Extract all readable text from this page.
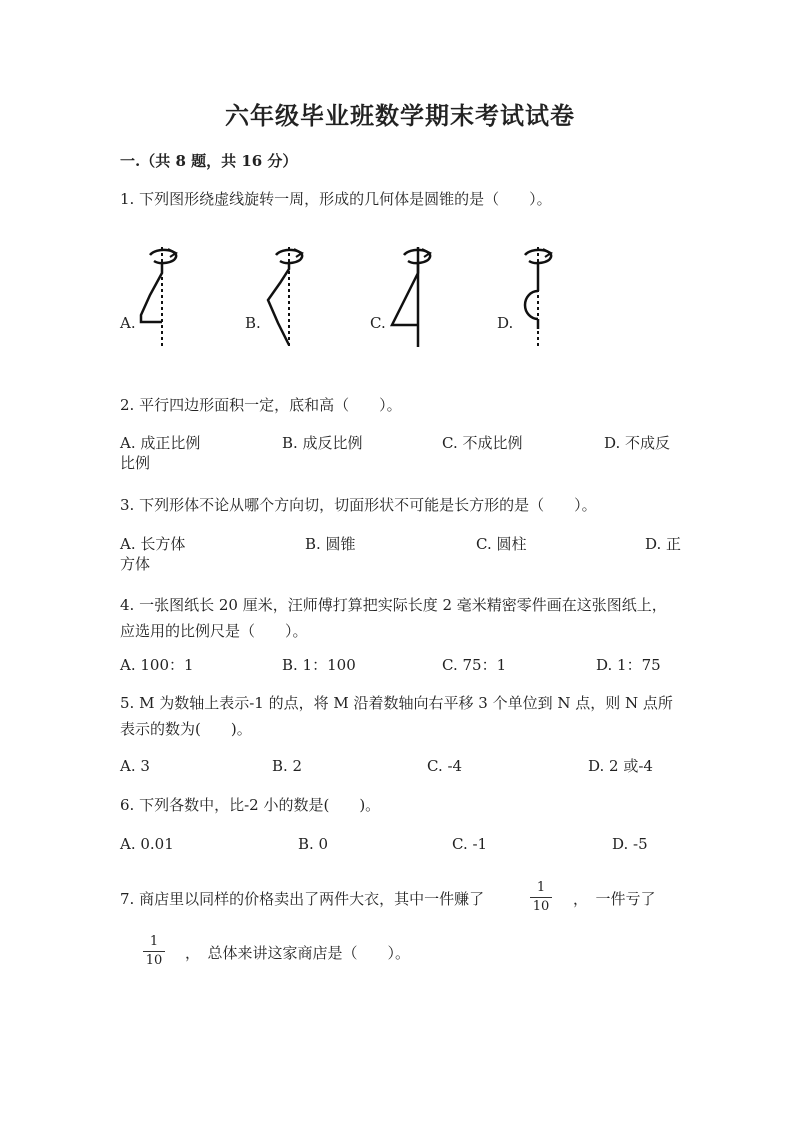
六年级毕业班数学期末考试试卷
一.（共 8 题，共 16 分）
1. 下列图形绕虚线旋转一周，形成的几何体是圆锥的是（　　）。
A.	B.	C.	D.
2. 平行四边形面积一定，底和高（　　）。
A. 成正比例	B. 成反比例	C. 不成比例	D. 不成反
比例
3. 下列形体不论从哪个方向切，切面形状不可能是长方形的是（　　）。
A. 长方体	B. 圆锥	C. 圆柱	D. 正
方体
4. 一张图纸长 20 厘米，汪师傅打算把实际长度 2 毫米精密零件画在这张图纸上，应选用的比例尺是（　　）。
A. 100：1	B. 1：100	C. 75：1	D. 1：75
5. M 为数轴上表示-1 的点，将 M 沿着数轴向右平移 3 个单位到 N 点，则 N 点所表示的数为(　　)。
A. 3	B. 2	C. -4	D. 2 或-4
6. 下列各数中，比-2 小的数是(　　)。
A. 0.01	B. 0	C. -1	D. -5
7. 商店里以同样的价格卖出了两件大衣，其中一件赚了
1
10 ，　一件亏了
1
10 ，　总体来讲这家商店是（　　）。
